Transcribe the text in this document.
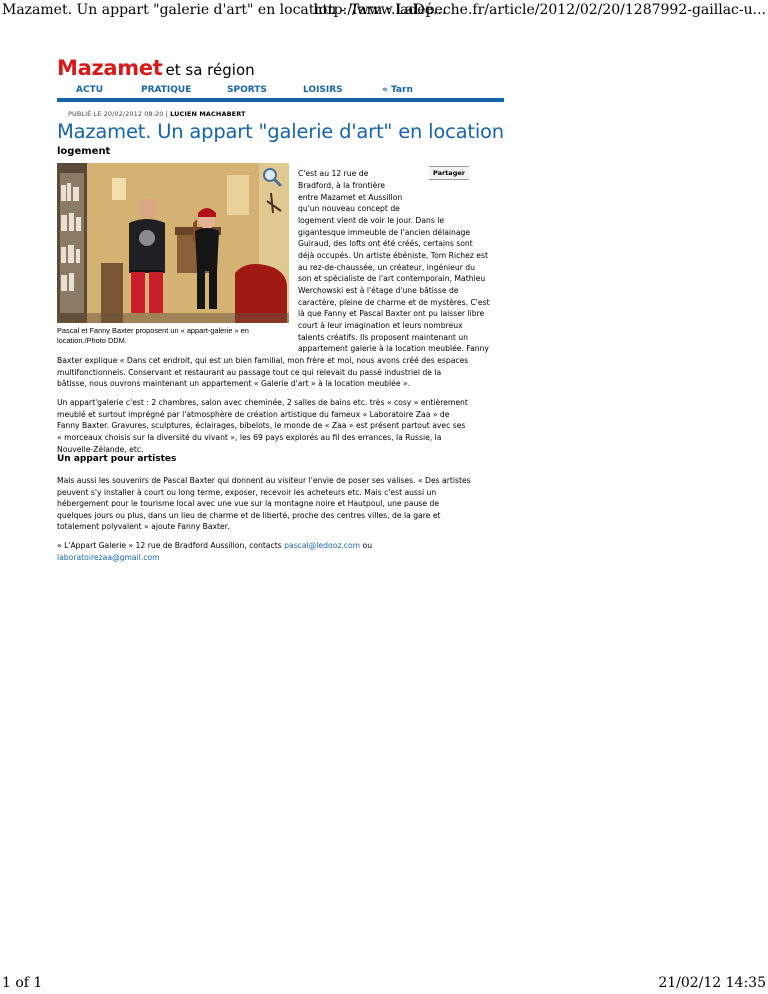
Mazamet. Un appart "galerie d'art" en location - Tarn : LaDé...
http://www.ladepeche.fr/article/2012/02/20/1287992-gaillac-u...
Mazamet et sa région
ACTU	PRATIQUE	SPORTS	LOISIRS	« Tarn
PUBLIÉ LE 20/02/2012 08:20 | LUCIEN MACHABERT
Mazamet. Un appart "galerie d'art" en location
logement
Pascal et Fanny Baxter proposent un « appart-galerie » en location./Photo DDM.
Partager
C'est au 12 rue de
Bradford, à la frontière
entre Mazamet et Aussillon
qu'un nouveau concept de
logement vient de voir le jour. Dans le
gigantesque immeuble de l'ancien délainage
Guiraud, des lofts ont été créés, certains sont
déjà occupés. Un artiste ébéniste, Tom Richez est
au rez-de-chaussée, un créateur, ingénieur du
son et spécialiste de l'art contemporain, Mathieu
Werchowski est à l'étage d'une bâtisse de
caractère, pleine de charme et de mystères. C'est
là que Fanny et Pascal Baxter ont pu laisser libre
court à leur imagination et leurs nombreux
talents créatifs. Ils proposent maintenant un
appartement galerie à la location meublée. Fanny
Baxter explique « Dans cet endroit, qui est un bien familial, mon frère et moi, nous avons créé des espaces
multifonctionnels. Conservant et restaurant au passage tout ce qui relevait du passé industriel de la
bâtisse, nous ouvrons maintenant un appartement « Galerie d'art » à la location meublée ».
Un appart'galerie c'est : 2 chambres, salon avec cheminée, 2 salles de bains etc. très « cosy » entièrement
meublé et surtout imprégné par l'atmosphère de création artistique du fameux « Laboratoire Zaa » de
Fanny Baxter. Gravures, sculptures, éclairages, bibelots, le monde de « Zaa » est présent partout avec ses
« morceaux choisis sur la diversité du vivant », les 69 pays explorés au fil des errances, la Russie, la
Nouvelle-Zélande, etc.
Un appart pour artistes
Mais aussi les souvenirs de Pascal Baxter qui donnent au visiteur l'envie de poser ses valises. « Des artistes
peuvent s'y installer à court ou long terme, exposer, recevoir les acheteurs etc. Mais c'est aussi un
hébergement pour le tourisme local avec une vue sur la montagne noire et Hautpoul, une pause de
quelques jours ou plus, dans un lieu de charme et de liberté, proche des centres villes, de la gare et
totalement polyvalent » ajoute Fanny Baxter.
« L'Appart Galerie » 12 rue de Bradford Aussillon, contacts pascal@ledooz.com ou
laboratoirezaa@gmail.com
1 of 1	21/02/12 14:35
